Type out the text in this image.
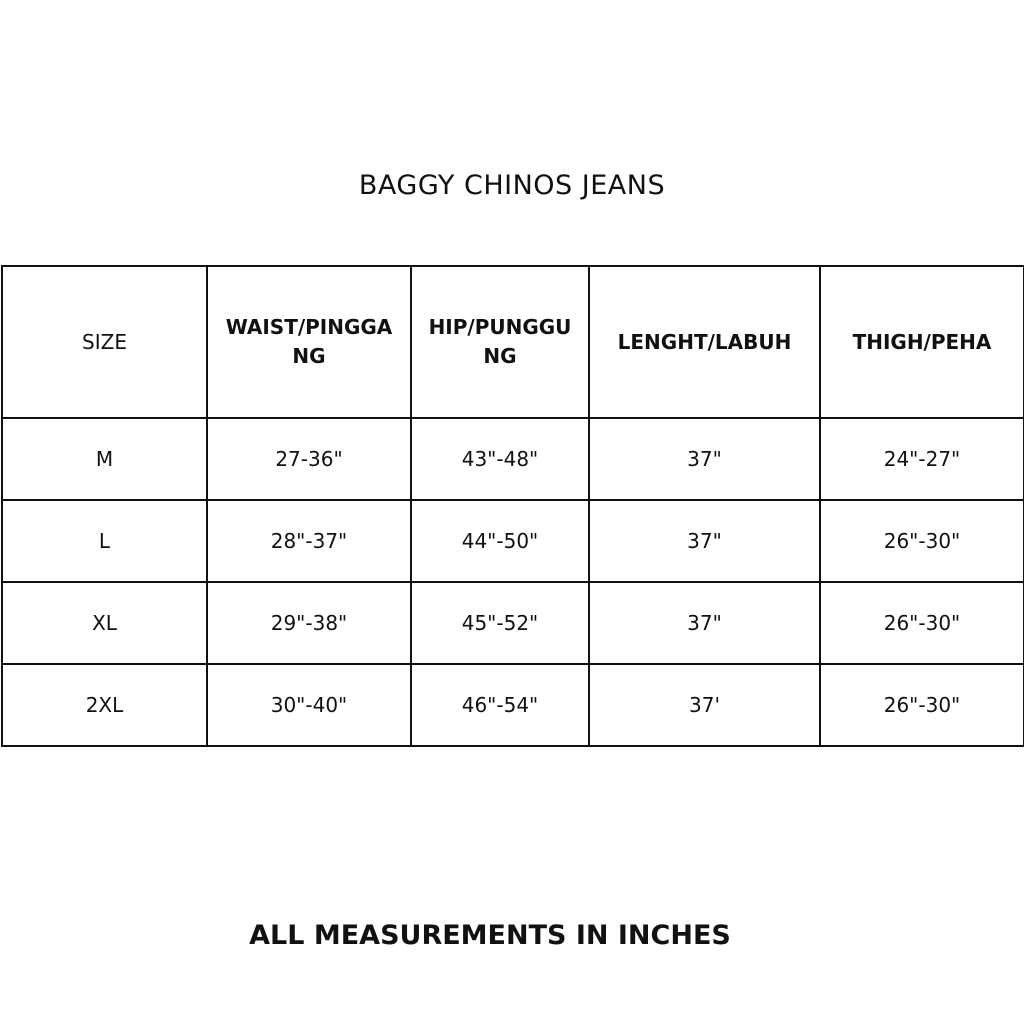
BAGGY CHINOS JEANS
SIZE	WAIST/PINGGANG	HIP/PUNGGUNG	LENGHT/LABUH	THIGH/PEHA
M	27-36"	43"-48"	37"	24"-27"
L	28"-37"	44"-50"	37"	26"-30"
XL	29"-38"	45"-52"	37"	26"-30"
2XL	30"-40"	46"-54"	37'	26"-30"

ALL MEASUREMENTS IN INCHES
